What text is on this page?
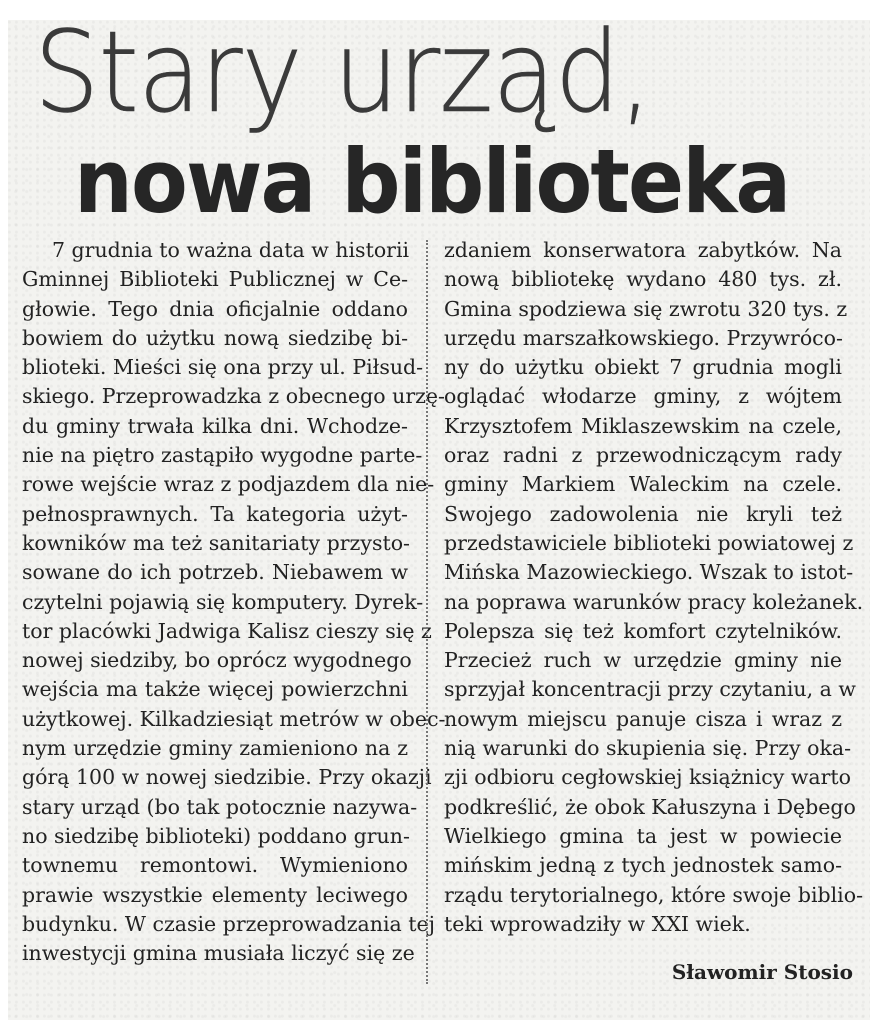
Stary urząd,
nowa biblioteka
7 grudnia to ważna data w historii
Gminnej Biblioteki Publicznej w Ce-
głowie. Tego dnia oficjalnie oddano
bowiem do użytku nową siedzibę bi-
blioteki. Mieści się ona przy ul. Piłsud-
skiego. Przeprowadzka z obecnego urzę-
du gminy trwała kilka dni. Wchodze-
nie na piętro zastąpiło wygodne parte-
rowe wejście wraz z podjazdem dla nie-
pełnosprawnych. Ta kategoria użyt-
kowników ma też sanitariaty przysto-
sowane do ich potrzeb. Niebawem w
czytelni pojawią się komputery. Dyrek-
tor placówki Jadwiga Kalisz cieszy się z
nowej siedziby, bo oprócz wygodnego
wejścia ma także więcej powierzchni
użytkowej. Kilkadziesiąt metrów w obec-
nym urzędzie gminy zamieniono na z
górą 100 w nowej siedzibie. Przy okazji
stary urząd (bo tak potocznie nazywa-
no siedzibę biblioteki) poddano grun-
townemu remontowi. Wymieniono
prawie wszystkie elementy leciwego
budynku. W czasie przeprowadzania tej
inwestycji gmina musiała liczyć się ze
zdaniem konserwatora zabytków. Na
nową bibliotekę wydano 480 tys. zł.
Gmina spodziewa się zwrotu 320 tys. z
urzędu marszałkowskiego. Przywróco-
ny do użytku obiekt 7 grudnia mogli
oglądać włodarze gminy, z wójtem
Krzysztofem Miklaszewskim na czele,
oraz radni z przewodniczącym rady
gminy Markiem Waleckim na czele.
Swojego zadowolenia nie kryli też
przedstawiciele biblioteki powiatowej z
Mińska Mazowieckiego. Wszak to istot-
na poprawa warunków pracy koleżanek.
Polepsza się też komfort czytelników.
Przecież ruch w urzędzie gminy nie
sprzyjał koncentracji przy czytaniu, a w
nowym miejscu panuje cisza i wraz z
nią warunki do skupienia się. Przy oka-
zji odbioru cegłowskiej książnicy warto
podkreślić, że obok Kałuszyna i Dębego
Wielkiego gmina ta jest w powiecie
mińskim jedną z tych jednostek samo-
rządu terytorialnego, które swoje biblio-
teki wprowadziły w XXI wiek.
Sławomir Stosio
